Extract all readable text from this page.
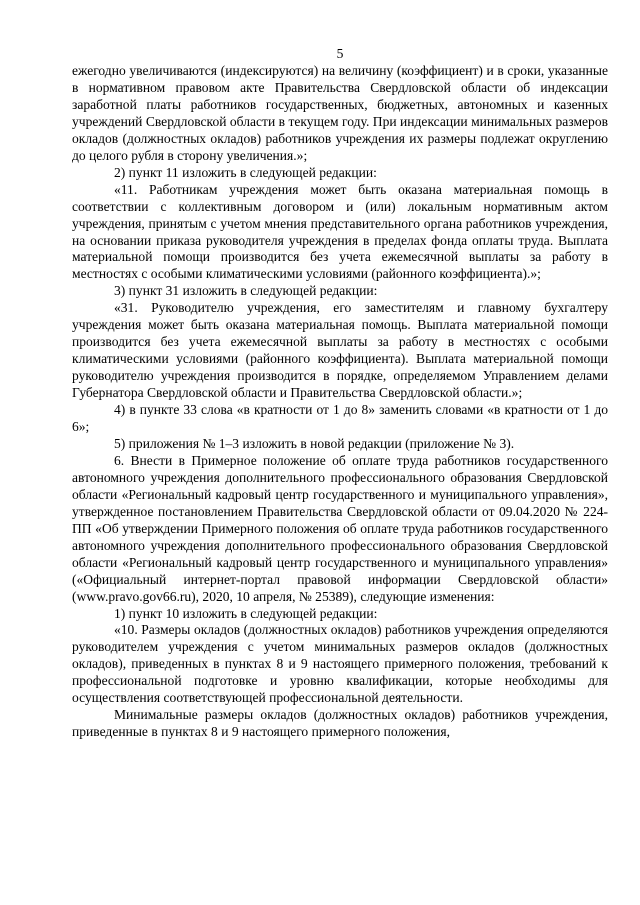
5

ежегодно увеличиваются (индексируются) на величину (коэффициент) и в сроки, указанные в нормативном правовом акте Правительства Свердловской области об индексации заработной платы работников государственных, бюджетных, автономных и казенных учреждений Свердловской области в текущем году. При индексации минимальных размеров окладов (должностных окладов) работников учреждения их размеры подлежат округлению до целого рубля в сторону увеличения.»;

2) пункт 11 изложить в следующей редакции:

«11. Работникам учреждения может быть оказана материальная помощь в соответствии с коллективным договором и (или) локальным нормативным актом учреждения, принятым с учетом мнения представительного органа работников учреждения, на основании приказа руководителя учреждения в пределах фонда оплаты труда. Выплата материальной помощи производится без учета ежемесячной выплаты за работу в местностях с особыми климатическими условиями (районного коэффициента).»;

3) пункт 31 изложить в следующей редакции:

«31. Руководителю учреждения, его заместителям и главному бухгалтеру учреждения может быть оказана материальная помощь. Выплата материальной помощи производится без учета ежемесячной выплаты за работу в местностях с особыми климатическими условиями (районного коэффициента). Выплата материальной помощи руководителю учреждения производится в порядке, определяемом Управлением делами Губернатора Свердловской области и Правительства Свердловской области.»;

4) в пункте 33 слова «в кратности от 1 до 8» заменить словами «в кратности от 1 до 6»;

5) приложения № 1–3 изложить в новой редакции (приложение № 3).

6. Внести в Примерное положение об оплате труда работников государственного автономного учреждения дополнительного профессионального образования Свердловской области «Региональный кадровый центр государственного и муниципального управления», утвержденное постановлением Правительства Свердловской области от 09.04.2020 № 224-ПП «Об утверждении Примерного положения об оплате труда работников государственного автономного учреждения дополнительного профессионального образования Свердловской области «Региональный кадровый центр государственного и муниципального управления» («Официальный интернет-портал правовой информации Свердловской области» (www.pravo.gov66.ru), 2020, 10 апреля, № 25389), следующие изменения:

1) пункт 10 изложить в следующей редакции:

«10. Размеры окладов (должностных окладов) работников учреждения определяются руководителем учреждения с учетом минимальных размеров окладов (должностных окладов), приведенных в пунктах 8 и 9 настоящего примерного положения, требований к профессиональной подготовке и уровню квалификации, которые необходимы для осуществления соответствующей профессиональной деятельности.

Минимальные размеры окладов (должностных окладов) работников учреждения, приведенные в пунктах 8 и 9 настоящего примерного положения,
